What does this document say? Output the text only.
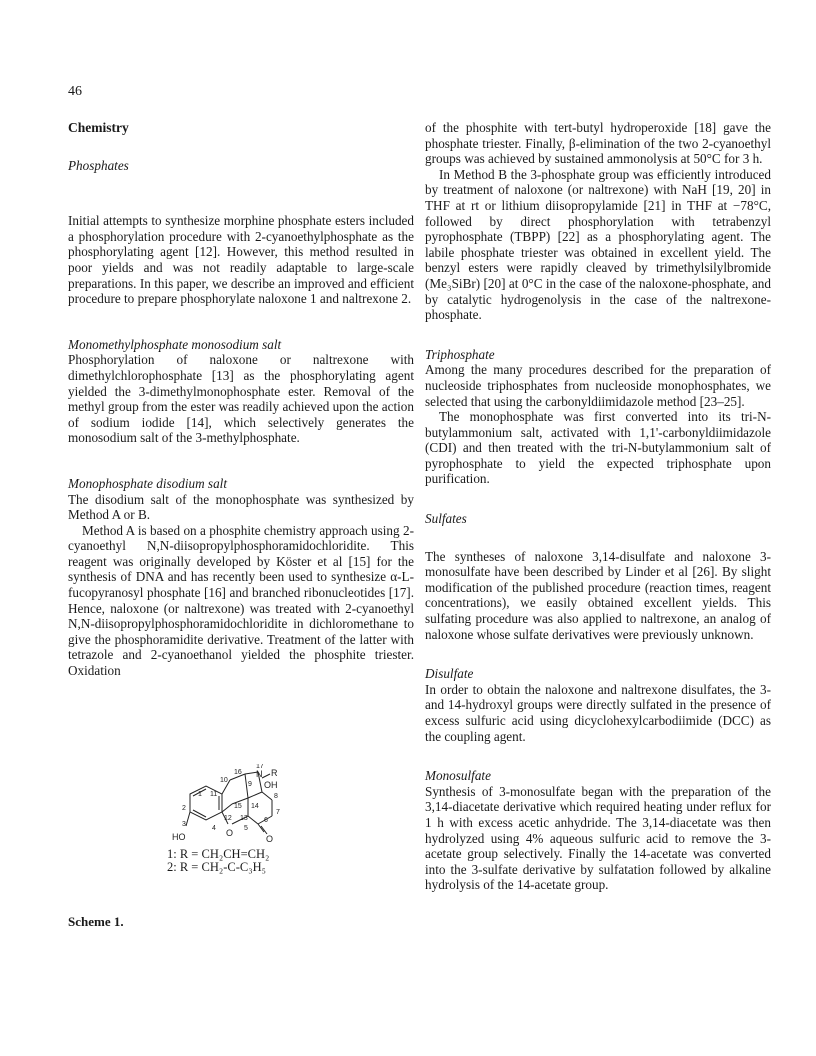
46
Chemistry

Phosphates

Initial attempts to synthesize morphine phosphate esters included a phosphorylation procedure with 2-cyanoethylphosphate as the phosphorylating agent [12]. However, this method resulted in poor yields and was not readily adaptable to large-scale preparations. In this paper, we describe an improved and efficient procedure to prepare phosphorylate naloxone 1 and naltrexone 2.

Monomethylphosphate monosodium salt

Phosphorylation of naloxone or naltrexone with dimethylchlorophosphate [13] as the phosphorylating agent yielded the 3-dimethylmonophosphate ester. Removal of the methyl group from the ester was readily achieved upon the action of sodium iodide [14], which selectively generates the monosodium salt of the 3-methylphosphate.

Monophosphate disodium salt

The disodium salt of the monophosphate was synthesized by Method A or B.

Method A is based on a phosphite chemistry approach using 2-cyanoethyl N,N-diisopropylphosphoramidochloridite. This reagent was originally developed by Köster et al [15] for the synthesis of DNA and has recently been used to synthesize α-L-fucopyranosyl phosphate [16] and branched ribonucleotides [17]. Hence, naloxone (or naltrexone) was treated with 2-cyanoethyl N,N-diisopropylphosphoramidochloridite in dichloromethane to give the phosphoramidite derivative. Treatment of the latter with tetrazole and 2-cyanoethanol yielded the phosphite triester. Oxidation

17
N R
16
10
9 OH
11
1	8
15 14
2
12 13
7
3
4	5
6
HO	O
O
1: R = CH₂CH=CH₂
2: R = CH₂-C-C₃H₅
Scheme 1.

of the phosphite with tert-butyl hydroperoxide [18] gave the phosphate triester. Finally, β-elimination of the two 2-cyanoethyl groups was achieved by sustained ammonolysis at 50°C for 3 h.

In Method B the 3-phosphate group was efficiently introduced by treatment of naloxone (or naltrexone) with NaH [19, 20] in THF at rt or lithium diisopropylamide [21] in THF at −78°C, followed by direct phosphorylation with tetrabenzyl pyrophosphate (TBPP) [22] as a phosphorylating agent. The labile phosphate triester was obtained in excellent yield. The benzyl esters were rapidly cleaved by trimethylsilylbromide (Me₃SiBr) [20] at 0°C in the case of the naloxone-phosphate, and by catalytic hydrogenolysis in the case of the naltrexone-phosphate.

Triphosphate

Among the many procedures described for the preparation of nucleoside triphosphates from nucleoside monophosphates, we selected that using the carbonyldiimidazole method [23–25].

The monophosphate was first converted into its tri-N-butylammonium salt, activated with 1,1'-carbonyldiimidazole (CDI) and then treated with the tri-N-butylammonium salt of pyrophosphate to yield the expected triphosphate upon purification.

Sulfates

The syntheses of naloxone 3,14-disulfate and naloxone 3-monosulfate have been described by Linder et al [26]. By slight modification of the published procedure (reaction times, reagent concentrations), we easily obtained excellent yields. This sulfating procedure was also applied to naltrexone, an analog of naloxone whose sulfate derivatives were previously unknown.

Disulfate

In order to obtain the naloxone and naltrexone disulfates, the 3- and 14-hydroxyl groups were directly sulfated in the presence of excess sulfuric acid using dicyclohexylcarbodiimide (DCC) as the coupling agent.

Monosulfate

Synthesis of 3-monosulfate began with the preparation of the 3,14-diacetate derivative which required heating under reflux for 1 h with excess acetic anhydride. The 3,14-diacetate was then hydrolyzed using 4% aqueous sulfuric acid to remove the 3-acetate group selectively. Finally the 14-acetate was converted into the 3-sulfate derivative by sulfatation followed by alkaline hydrolysis of the 14-acetate group.
